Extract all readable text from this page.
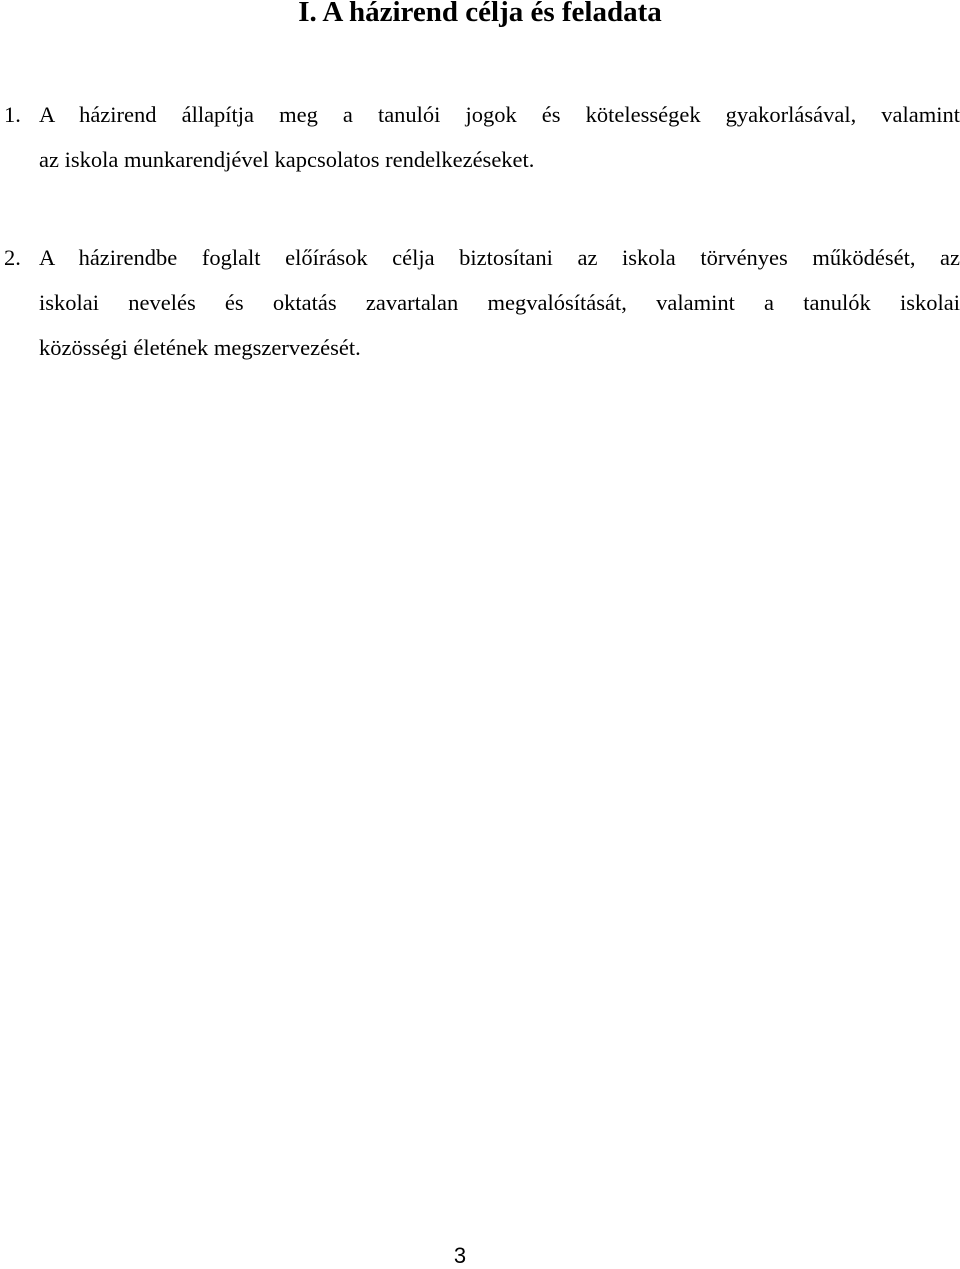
I. A házirend célja és feladata
1. A házirend állapítja meg a tanulói jogok és kötelességek gyakorlásával, valamint
az iskola munkarendjével kapcsolatos rendelkezéseket.
2. A házirendbe foglalt előírások célja biztosítani az iskola törvényes működését, az
iskolai nevelés és oktatás zavartalan megvalósítását, valamint a tanulók iskolai
közösségi életének megszervezését.
3
